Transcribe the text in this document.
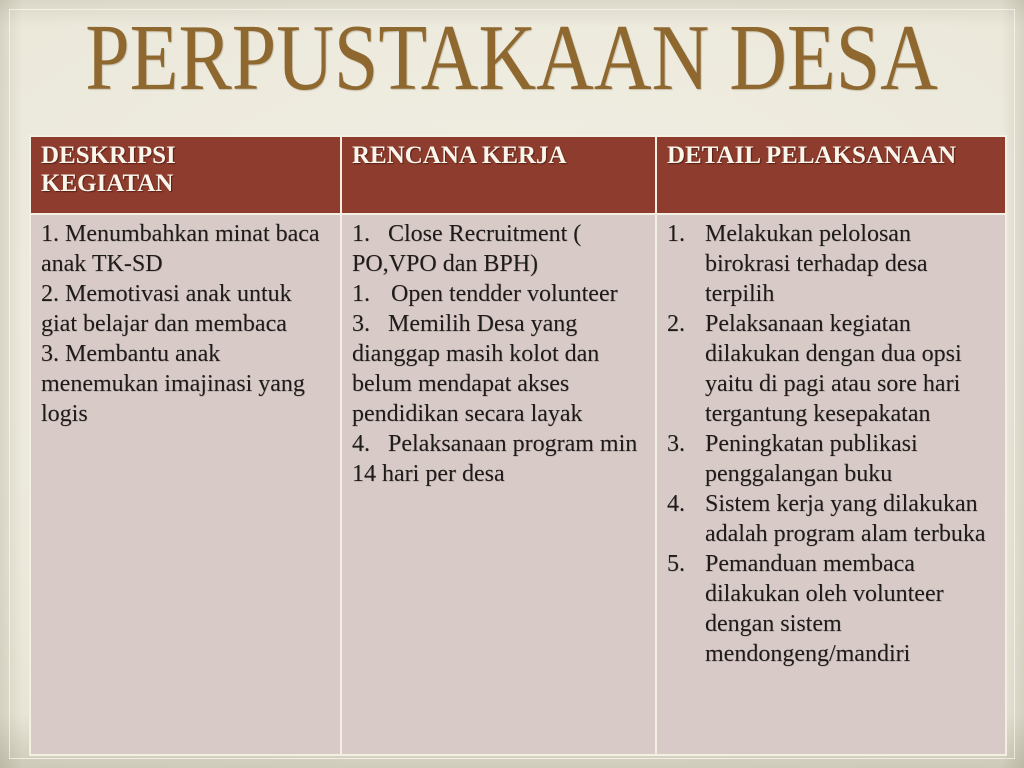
PERPUSTAKAAN DESA
DESKRIPSI KEGIATAN	RENCANA KERJA	DETAIL PELAKSANAAN

1. Menumbahkan minat baca anak TK-SD
2. Memotivasi anak untuk giat belajar dan membaca
3. Membantu anak menemukan imajinasi yang logis

1. Close Recruitment ( PO,VPO dan BPH)
1. Open tendder volunteer
3. Memilih Desa yang dianggap masih kolot dan belum mendapat akses pendidikan secara layak
4. Pelaksanaan program min 14 hari per desa

1. Melakukan pelolosan birokrasi terhadap desa terpilih
2. Pelaksanaan kegiatan dilakukan dengan dua opsi yaitu di pagi atau sore hari tergantung kesepakatan
3. Peningkatan publikasi penggalangan buku
4. Sistem kerja yang dilakukan adalah program alam terbuka
5. Pemanduan membaca dilakukan oleh volunteer dengan sistem mendongeng/mandiri
